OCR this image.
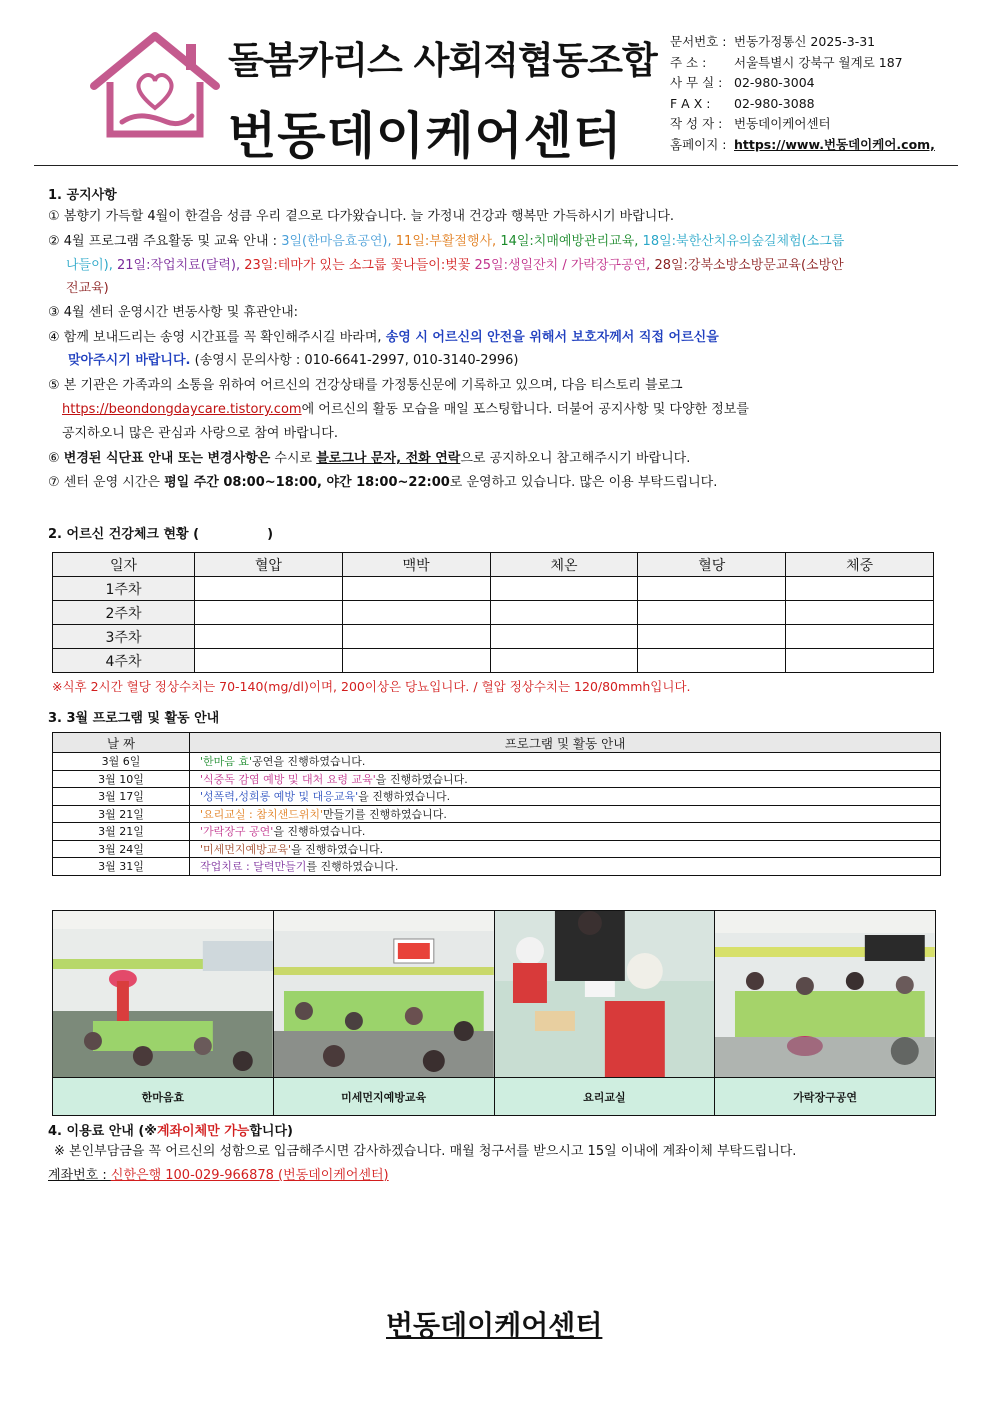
돌봄카리스 사회적협동조합
번동데이케어센터
문서번호 : 번동가정통신 2025-3-31
주 소 :	서울특별시 강북구 월계로 187
사 무 실 : 02-980-3004
F A X :	02-980-3088
작 성 자 : 번동데이케어센터
홈페이지 : https://www.번동데이케어.com,
1. 공지사항
① 봄향기 가득할 4월이 한걸음 성큼 우리 곁으로 다가왔습니다. 늘 가정내 건강과 행복만 가득하시기 바랍니다.
② 4월 프로그램 주요활동 및 교육 안내 : 3일(한마음효공연), 11일:부활절행사, 14일:치매예방관리교육, 18일:북한산치유의숲길체험(소그룹
나들이), 21일:작업치료(달력), 23일:테마가 있는 소그룹 꽃나들이:벚꽃 25일:생일잔치 / 가락장구공연, 28일:강북소방소방문교육(소방안
전교육)
③ 4월 센터 운영시간 변동사항 및 휴관안내:
④ 함께 보내드리는 송영 시간표를 꼭 확인해주시길 바라며, 송영 시 어르신의 안전을 위해서 보호자께서 직접 어르신을
맞아주시기 바랍니다. (송영시 문의사항 : 010-6641-2997, 010-3140-2996)
⑤ 본 기관은 가족과의 소통을 위하여 어르신의 건강상태를 가정통신문에 기록하고 있으며, 다음 티스토리 블로그
https://beondongdaycare.tistory.com에 어르신의 활동 모습을 매일 포스팅합니다. 더불어 공지사항 및 다양한 정보를
공지하오니 많은 관심과 사랑으로 참여 바랍니다.
⑥ 변경된 식단표 안내 또는 변경사항은 수시로 블로그나 문자, 전화 연락으로 공지하오니 참고해주시기 바랍니다.
⑦ 센터 운영 시간은 평일 주간 08:00~18:00, 야간 18:00~22:00로 운영하고 있습니다. 많은 이용 부탁드립니다.
2. 어르신 건강체크 현황 (	)
일자	혈압	맥박	체온	혈당	체중
1주차					
2주차					
3주차					
4주차					
※식후 2시간 혈당 정상수치는 70-140(mg/dl)이며, 200이상은 당뇨입니다. / 혈압 정상수치는 120/80mmh입니다.
3. 3월 프로그램 및 활동 안내
날 짜	프로그램 및 활동 안내
3월 6일	'한마음 효'공연을 진행하였습니다.
3월 10일	'식중독 감염 예방 및 대처 요령 교육'을 진행하였습니다.
3월 17일	'성폭력,성희롱 예방 및 대응교육'을 진행하였습니다.
3월 21일	'요리교실 : 참치샌드위치'만들기를 진행하였습니다.
3월 21일	'가락장구 공연'을 진행하였습니다.
3월 24일	'미세먼지예방교육'을 진행하였습니다.
3월 31일	작업치료 : 달력만들기를 진행하였습니다.
한마음효	미세먼지예방교육	요리교실	가락장구공연
4. 이용료 안내 (※계좌이체만 가능합니다)
※ 본인부담금을 꼭 어르신의 성함으로 입금해주시면 감사하겠습니다. 매월 청구서를 받으시고 15일 이내에 계좌이체 부탁드립니다.
계좌번호 : 신한은행 100-029-966878 (번동데이케어센터)
번동데이케어센터
